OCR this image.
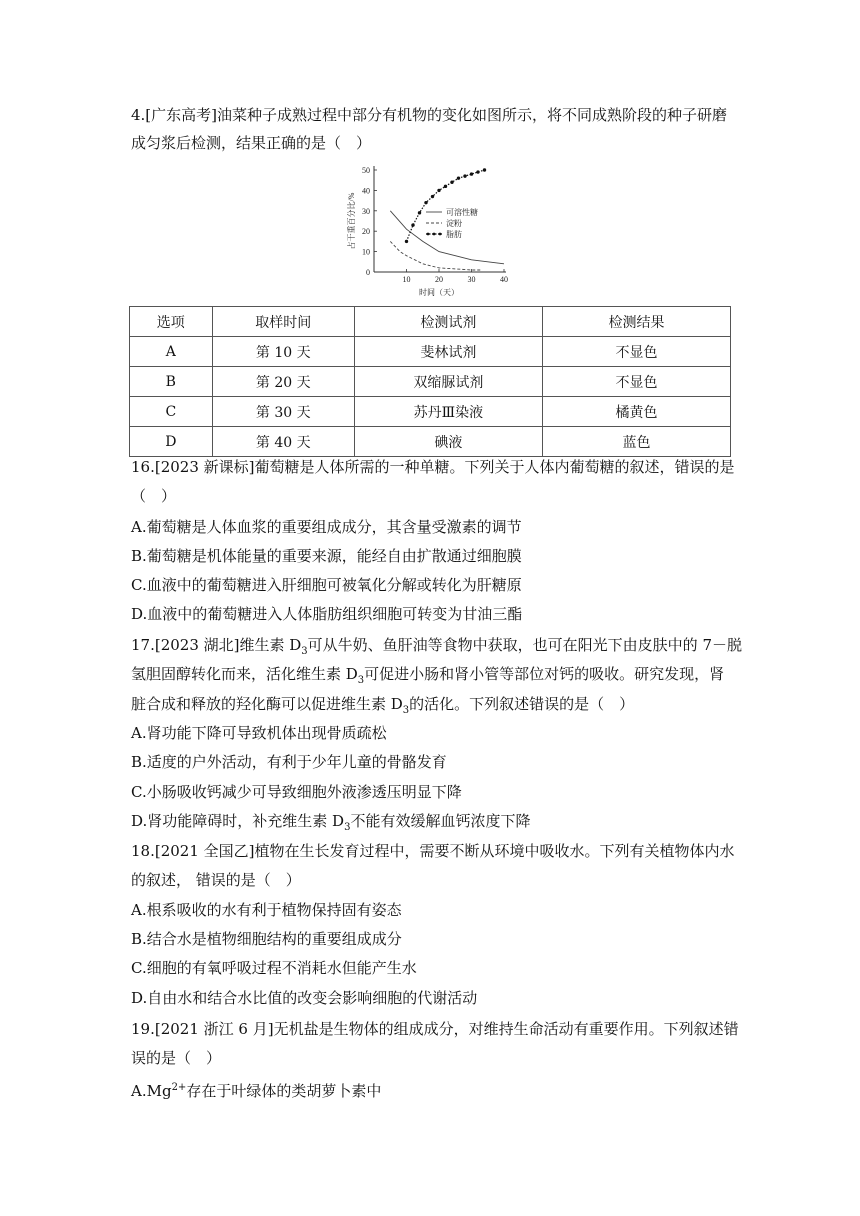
4.[广东高考]油菜种子成熟过程中部分有机物的变化如图所示，将不同成熟阶段的种子研磨
成匀浆后检测，结果正确的是（　）
0
10
20
30
40
50
10	20	30	40
时间（天）
占干重百分比/%	可溶性糖
淀粉
脂肪
选项	取样时间	检测试剂	检测结果
A	第 10 天	斐林试剂	不显色
B	第 20 天	双缩脲试剂	不显色
C	第 30 天	苏丹Ⅲ染液	橘黄色
D	第 40 天	碘液	蓝色
16.[2023 新课标]葡萄糖是人体所需的一种单糖。下列关于人体内葡萄糖的叙述，错误的是
（　）
A.葡萄糖是人体血浆的重要组成成分，其含量受激素的调节
B.葡萄糖是机体能量的重要来源，能经自由扩散通过细胞膜
C.血液中的葡萄糖进入肝细胞可被氧化分解或转化为肝糖原
D.血液中的葡萄糖进入人体脂肪组织细胞可转变为甘油三酯
17.[2023 湖北]维生素 $D_3$可从牛奶、鱼肝油等食物中获取，也可在阳光下由皮肤中的 7－脱
氢胆固醇转化而来，活化维生素 $D_3$可促进小肠和肾小管等部位对钙的吸收。研究发现，肾
脏合成和释放的羟化酶可以促进维生素 $D_3$的活化。下列叙述错误的是（　）
A.肾功能下降可导致机体出现骨质疏松
B.适度的户外活动，有利于少年儿童的骨骼发育
C.小肠吸收钙减少可导致细胞外液渗透压明显下降
D.肾功能障碍时，补充维生素 $D_3$不能有效缓解血钙浓度下降
18.[2021 全国乙]植物在生长发育过程中，需要不断从环境中吸收水。下列有关植物体内水
的叙述， 错误的是（　）
A.根系吸收的水有利于植物保持固有姿态
B.结合水是植物细胞结构的重要组成成分
C.细胞的有氧呼吸过程不消耗水但能产生水
D.自由水和结合水比值的改变会影响细胞的代谢活动
19.[2021 浙江 6 月]无机盐是生物体的组成成分，对维持生命活动有重要作用。下列叙述错
误的是（　）
$A.Mg^{2+}$存在于叶绿体的类胡萝卜素中
